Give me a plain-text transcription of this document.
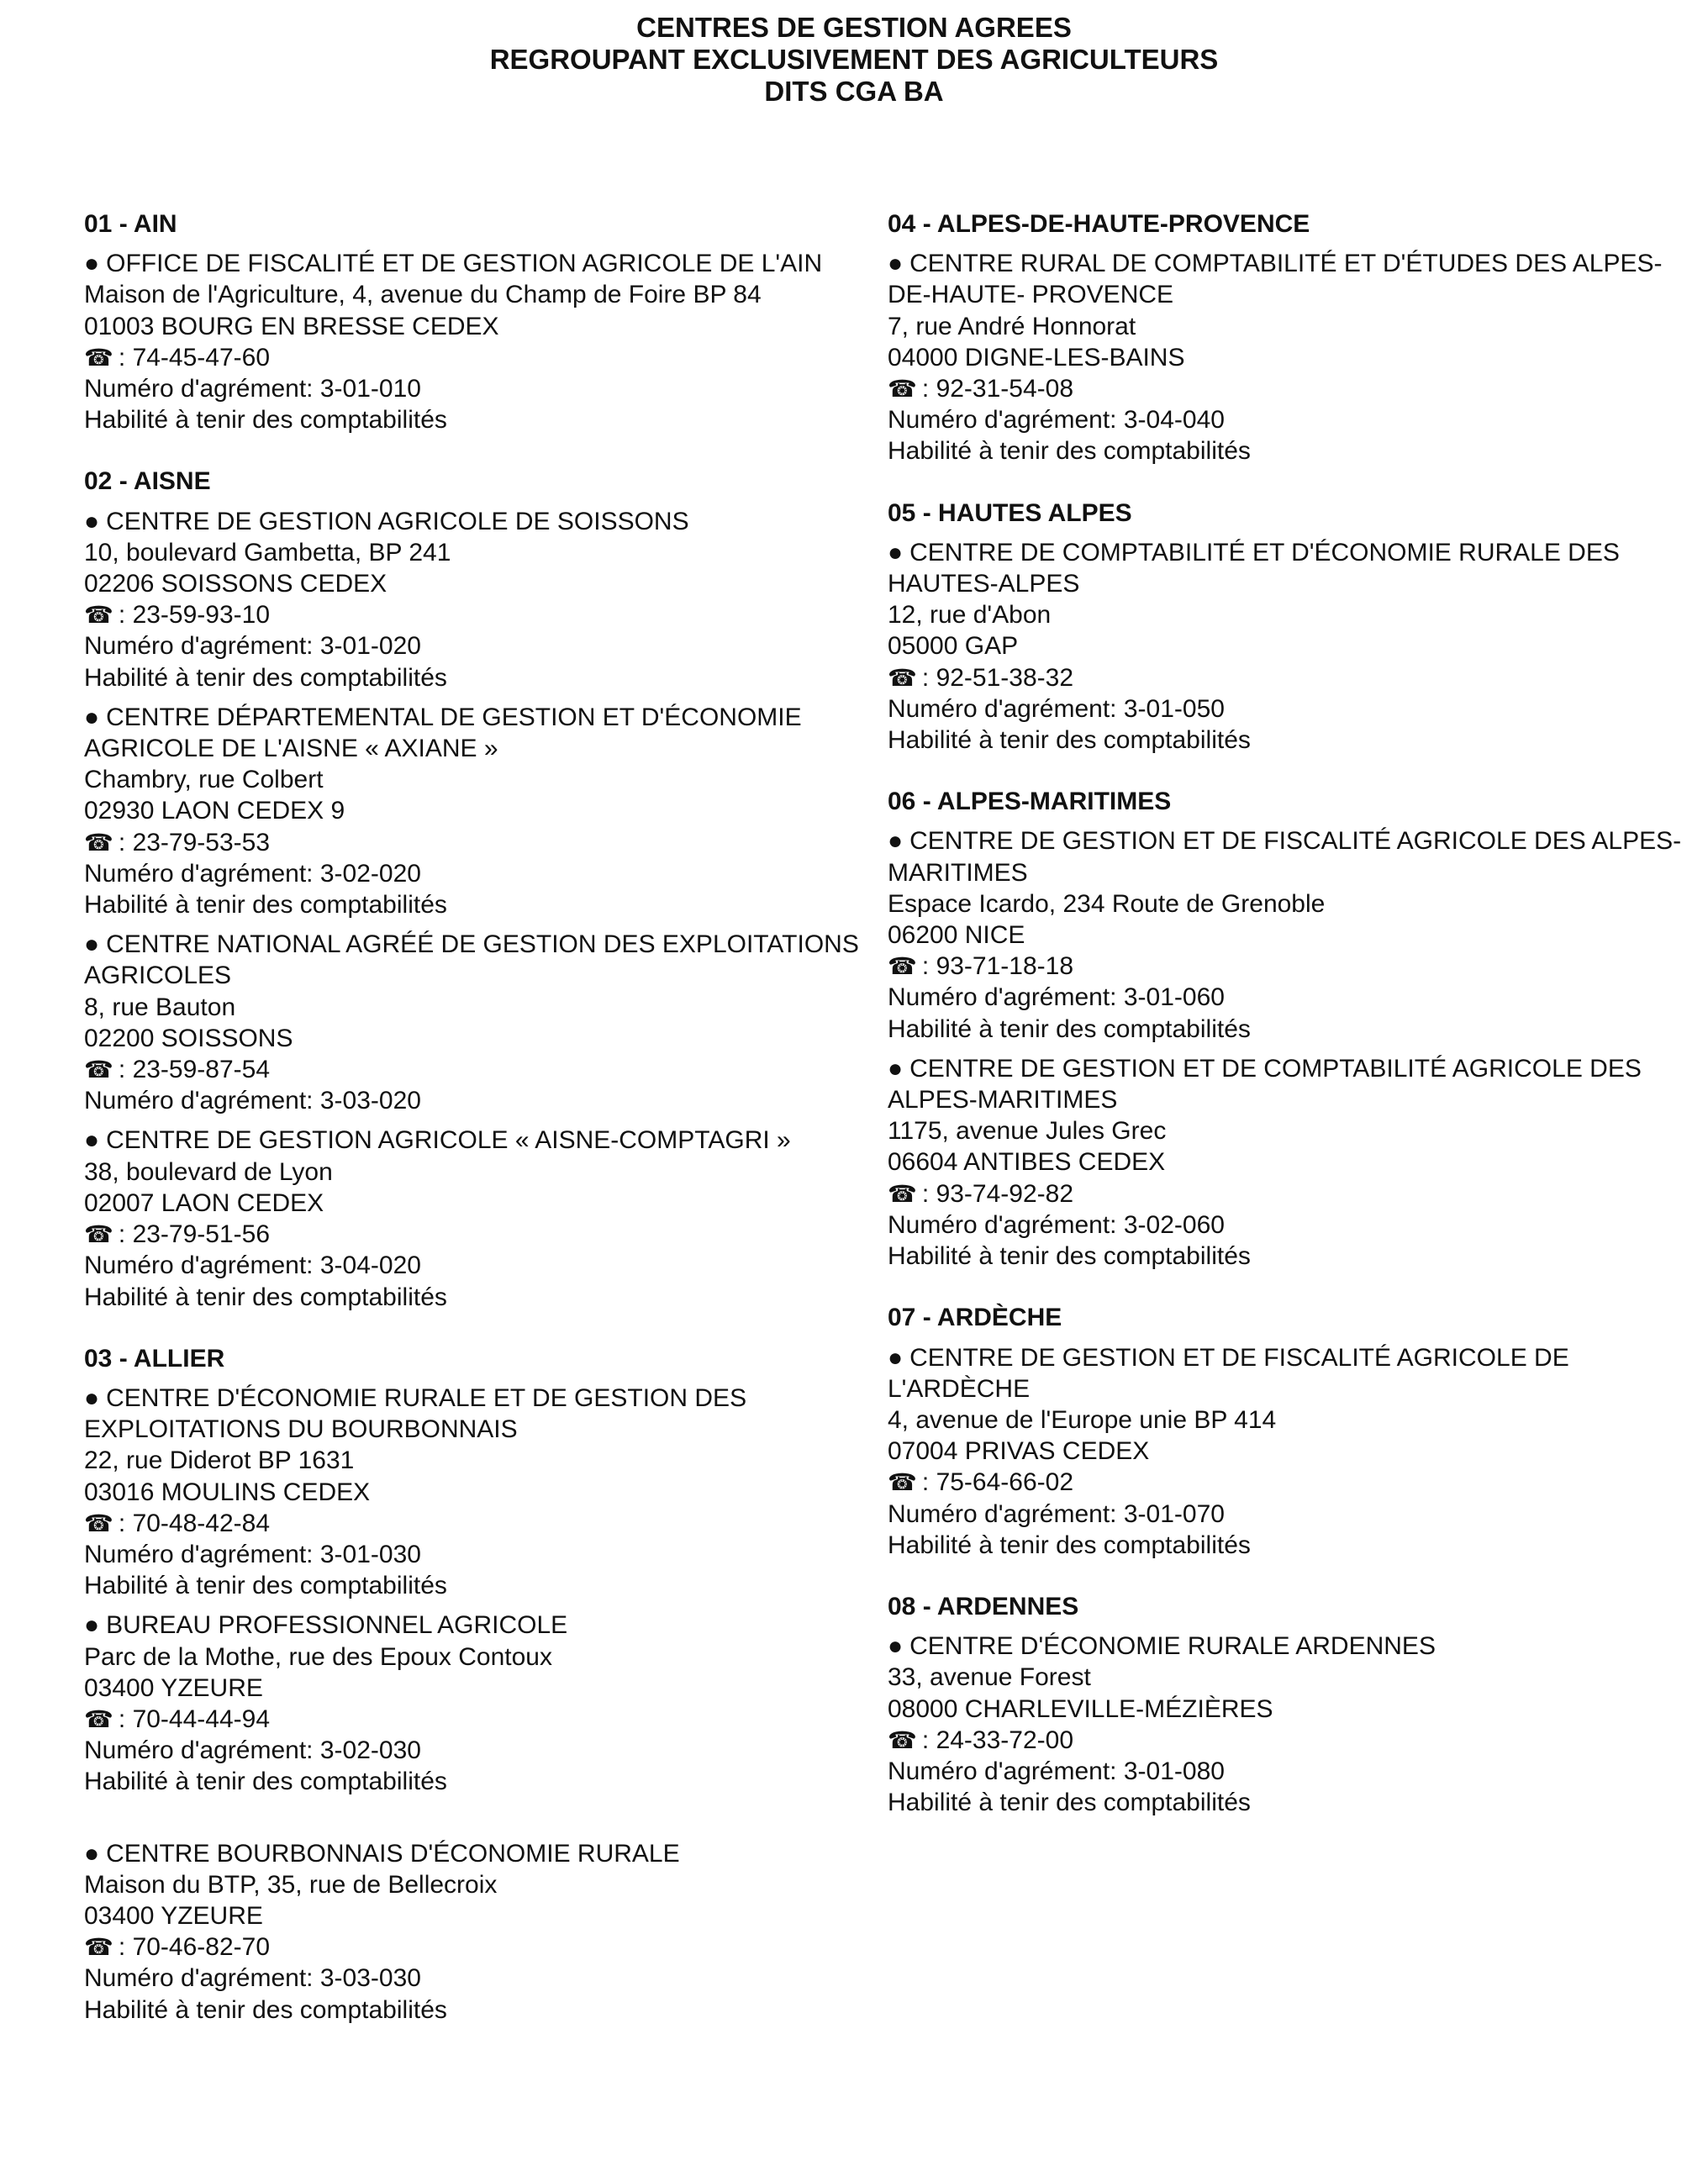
CENTRES DE GESTION AGREES
REGROUPANT EXCLUSIVEMENT DES AGRICULTEURS
DITS CGA BA
01 - AIN
● OFFICE DE FISCALITÉ ET DE GESTION AGRICOLE DE L'AIN
Maison de l'Agriculture, 4, avenue du Champ de Foire BP 84
01003 BOURG EN BRESSE CEDEX
☎ : 74-45-47-60
Numéro d'agrément: 3-01-010
Habilité à tenir des comptabilités
02 - AISNE
● CENTRE DE GESTION AGRICOLE DE SOISSONS
10, boulevard Gambetta, BP 241
02206 SOISSONS CEDEX
☎ : 23-59-93-10
Numéro d'agrément: 3-01-020
Habilité à tenir des comptabilités
● CENTRE DÉPARTEMENTAL DE GESTION ET D'ÉCONOMIE AGRICOLE DE L'AISNE « AXIANE »
Chambry, rue Colbert
02930 LAON CEDEX 9
☎ : 23-79-53-53
Numéro d'agrément: 3-02-020
Habilité à tenir des comptabilités
● CENTRE NATIONAL AGRÉÉ DE GESTION DES EXPLOITATIONS AGRICOLES
8, rue Bauton
02200 SOISSONS
☎ : 23-59-87-54
Numéro d'agrément: 3-03-020
● CENTRE DE GESTION AGRICOLE « AISNE-COMPTAGRI »
38, boulevard de Lyon
02007 LAON CEDEX
☎ : 23-79-51-56
Numéro d'agrément: 3-04-020
Habilité à tenir des comptabilités
03 - ALLIER
● CENTRE D'ÉCONOMIE RURALE ET DE GESTION DES EXPLOITATIONS DU BOURBONNAIS
22, rue Diderot BP 1631
03016 MOULINS CEDEX
☎ : 70-48-42-84
Numéro d'agrément: 3-01-030
Habilité à tenir des comptabilités
● BUREAU PROFESSIONNEL AGRICOLE
Parc de la Mothe, rue des Epoux Contoux
03400 YZEURE
☎ : 70-44-44-94
Numéro d'agrément: 3-02-030
Habilité à tenir des comptabilités
● CENTRE BOURBONNAIS D'ÉCONOMIE RURALE
Maison du BTP, 35, rue de Bellecroix
03400 YZEURE
☎ : 70-46-82-70
Numéro d'agrément: 3-03-030
Habilité à tenir des comptabilités
04 - ALPES-DE-HAUTE-PROVENCE
● CENTRE RURAL DE COMPTABILITÉ ET D'ÉTUDES DES ALPES-DE-HAUTE- PROVENCE
7, rue André Honnorat
04000 DIGNE-LES-BAINS
☎ : 92-31-54-08
Numéro d'agrément: 3-04-040
Habilité à tenir des comptabilités
05 - HAUTES ALPES
● CENTRE DE COMPTABILITÉ ET D'ÉCONOMIE RURALE DES HAUTES-ALPES
12, rue d'Abon
05000 GAP
☎ : 92-51-38-32
Numéro d'agrément: 3-01-050
Habilité à tenir des comptabilités
06 - ALPES-MARITIMES
● CENTRE DE GESTION ET DE FISCALITÉ AGRICOLE DES ALPES-MARITIMES
Espace Icardo, 234 Route de Grenoble
06200 NICE
☎ : 93-71-18-18
Numéro d'agrément: 3-01-060
Habilité à tenir des comptabilités
● CENTRE DE GESTION ET DE COMPTABILITÉ AGRICOLE DES ALPES-MARITIMES
1175, avenue Jules Grec
06604 ANTIBES CEDEX
☎ : 93-74-92-82
Numéro d'agrément: 3-02-060
Habilité à tenir des comptabilités
07 - ARDÈCHE
● CENTRE DE GESTION ET DE FISCALITÉ AGRICOLE DE L'ARDÈCHE
4, avenue de l'Europe unie BP 414
07004 PRIVAS CEDEX
☎ : 75-64-66-02
Numéro d'agrément: 3-01-070
Habilité à tenir des comptabilités
08 - ARDENNES
● CENTRE D'ÉCONOMIE RURALE ARDENNES
33, avenue Forest
08000 CHARLEVILLE-MÉZIÈRES
☎ : 24-33-72-00
Numéro d'agrément: 3-01-080
Habilité à tenir des comptabilités
